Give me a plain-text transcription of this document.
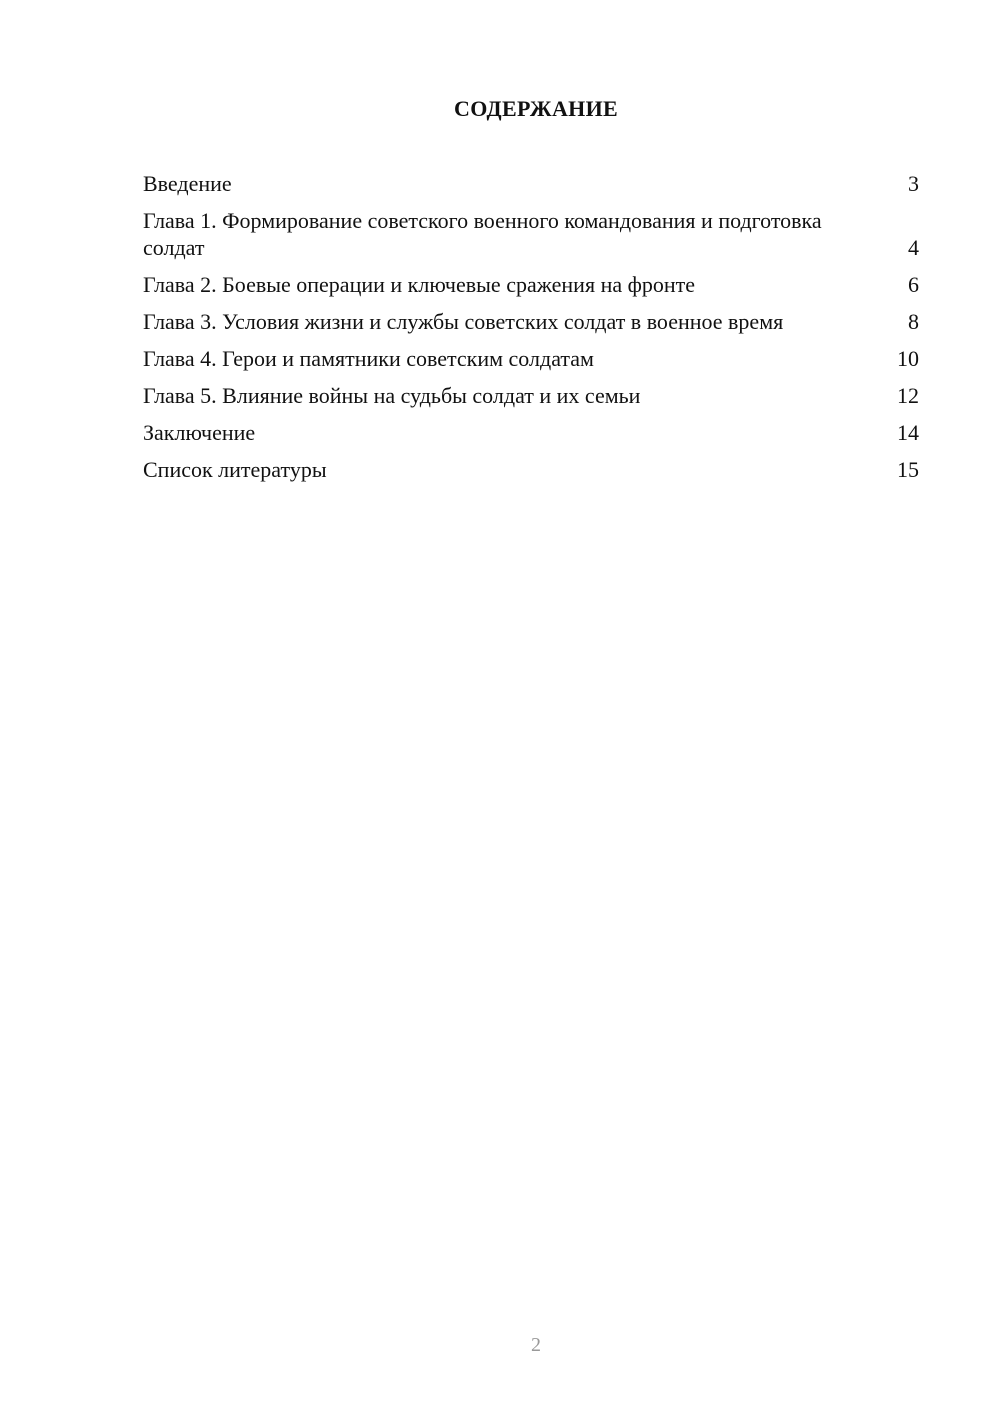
СОДЕРЖАНИЕ
Введение	3
Глава 1. Формирование советского военного командования и подготовка солдат	4
Глава 2. Боевые операции и ключевые сражения на фронте	6
Глава 3. Условия жизни и службы советских солдат в военное время	8
Глава 4. Герои и памятники советским солдатам	10
Глава 5. Влияние войны на судьбы солдат и их семьи	12
Заключение	14
Список литературы	15
2
